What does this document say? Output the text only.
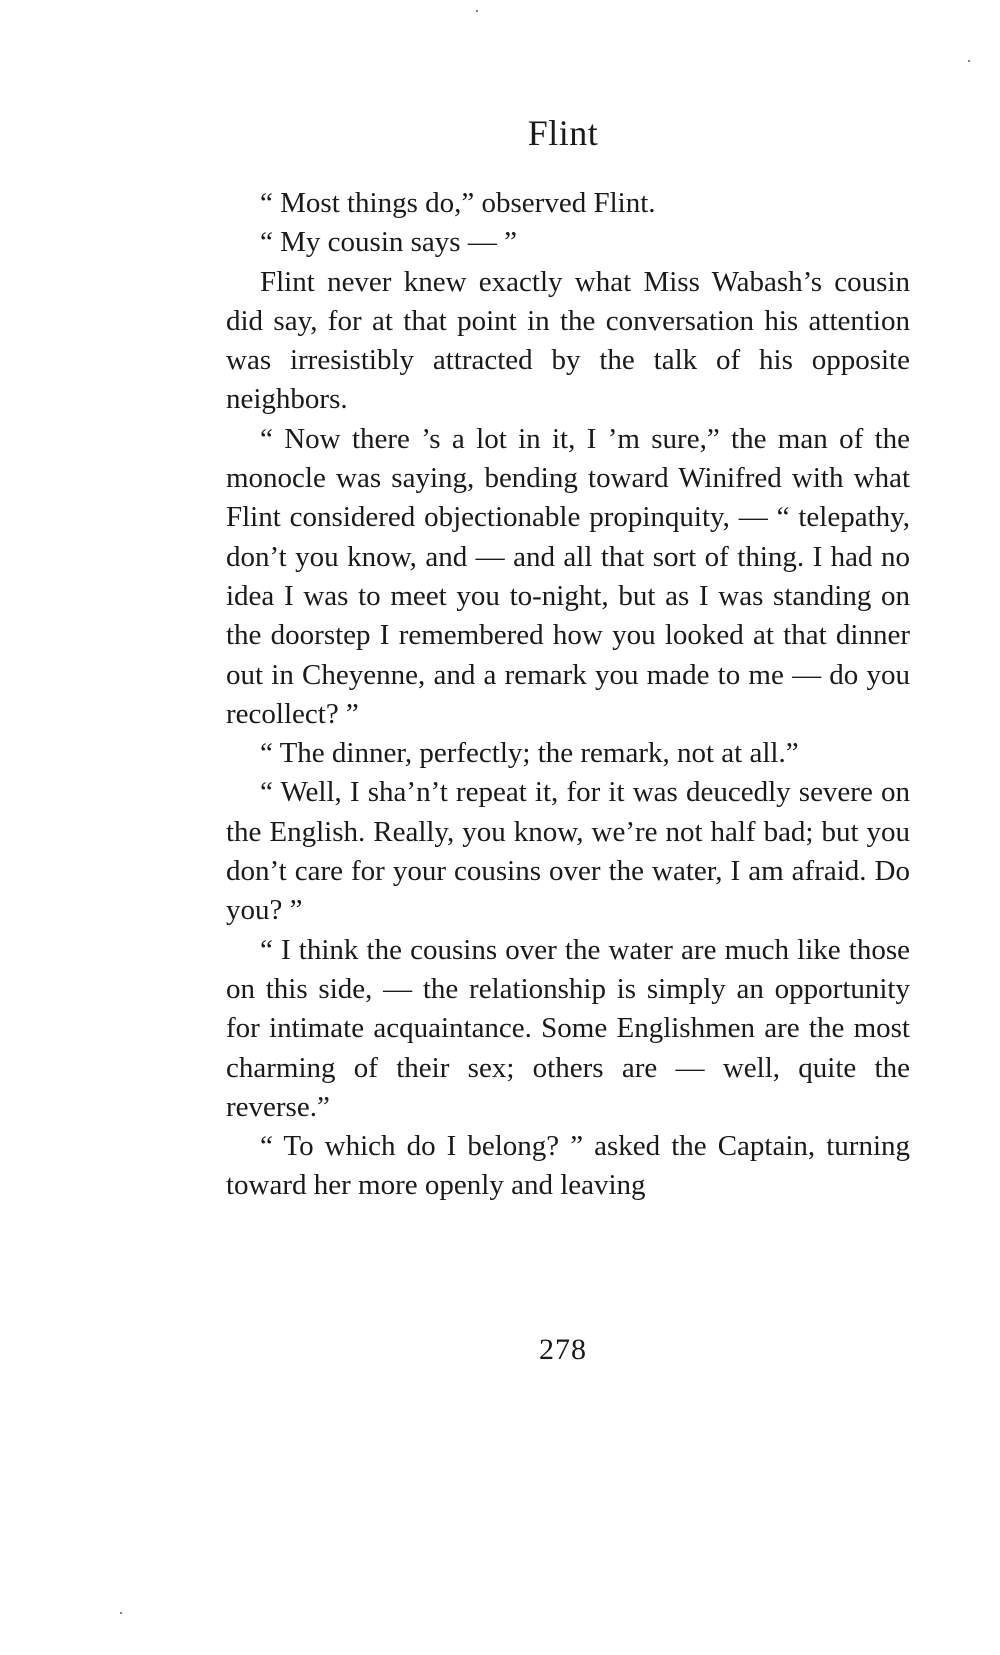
Flint

“ Most things do,” observed Flint.

“ My cousin says — ”

Flint never knew exactly what Miss Wabash’s cousin did say, for at that point in the conversation his attention was irresistibly attracted by the talk of his opposite neighbors.

“ Now there ’s a lot in it, I ’m sure,” the man of the monocle was saying, bending toward Winifred with what Flint considered objectionable propinquity, — “ telepathy, don’t you know, and — and all that sort of thing. I had no idea I was to meet you to-night, but as I was standing on the doorstep I remembered how you looked at that dinner out in Cheyenne, and a remark you made to me — do you recollect? ”

“ The dinner, perfectly; the remark, not at all.”

“ Well, I sha’n’t repeat it, for it was deucedly severe on the English. Really, you know, we’re not half bad; but you don’t care for your cousins over the water, I am afraid. Do you? ”

“ I think the cousins over the water are much like those on this side, — the relationship is simply an opportunity for intimate acquaintance. Some Englishmen are the most charming of their sex; others are — well, quite the reverse.”

“ To which do I belong? ” asked the Captain, turning toward her more openly and leaving

278
